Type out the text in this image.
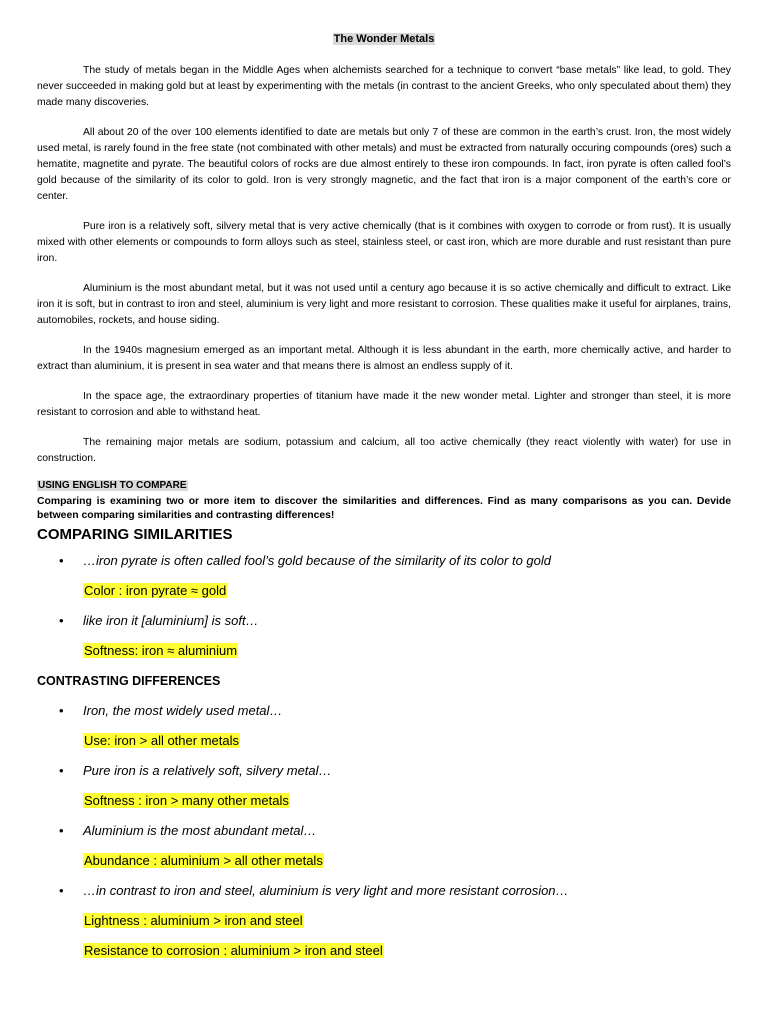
The Wonder Metals

The study of metals began in the Middle Ages when alchemists searched for a technique to convert “base metals” like lead, to gold. They never succeeded in making gold but at least by experimenting with the metals (in contrast to the ancient Greeks, who only speculated about them) they made many discoveries.

All about 20 of the over 100 elements identified to date are metals but only 7 of these are common in the earth’s crust. Iron, the most widely used metal, is rarely found in the free state (not combinated with other metals) and must be extracted from naturally occuring compounds (ores) such a hematite, magnetite and pyrate. The beautiful colors of rocks are due almost entirely to these iron compounds. In fact, iron pyrate is often called fool’s gold because of the similarity of its color to gold. Iron is very strongly magnetic, and the fact that iron is a major component of the earth’s core or center.

Pure iron is a relatively soft, silvery metal that is very active chemically (that is it combines with oxygen to corrode or from rust). It is usually mixed with other elements or compounds to form alloys such as steel, stainless steel, or cast iron, which are more durable and rust resistant than pure iron.

Aluminium is the most abundant metal, but it was not used until a century ago because it is so active chemically and difficult to extract. Like iron it is soft, but in contrast to iron and steel, aluminium is very light and more resistant to corrosion. These qualities make it useful for airplanes, trains, automobiles, rockets, and house siding.

In the 1940s magnesium emerged as an important metal. Although it is less abundant in the earth, more chemically active, and harder to extract than aluminium, it is present in sea water and that means there is almost an endless supply of it.

In the space age, the extraordinary properties of titanium have made it the new wonder metal. Lighter and stronger than steel, it is more resistant to corrosion and able to withstand heat.

The remaining major metals are sodium, potassium and calcium, all too active chemically (they react violently with water) for use in construction.

USING ENGLISH TO COMPARE

Comparing is examining two or more item to discover the similarities and differences. Find as many comparisons as you can. Devide between comparing similarities and contrasting differences!

COMPARING SIMILARITIES

• …iron pyrate is often called fool’s gold because of the similarity of its color to gold

Color : iron pyrate ≈ gold

• like iron it [aluminium] is soft…

Softness: iron ≈ aluminium

CONTRASTING DIFFERENCES

• Iron, the most widely used metal…

Use: iron > all other metals

• Pure iron is a relatively soft, silvery metal…

Softness : iron > many other metals

• Aluminium is the most abundant metal…

Abundance : aluminium > all other metals

• …in contrast to iron and steel, aluminium is very light and more resistant corrosion…

Lightness : aluminium > iron and steel

Resistance to corrosion : aluminium > iron and steel
